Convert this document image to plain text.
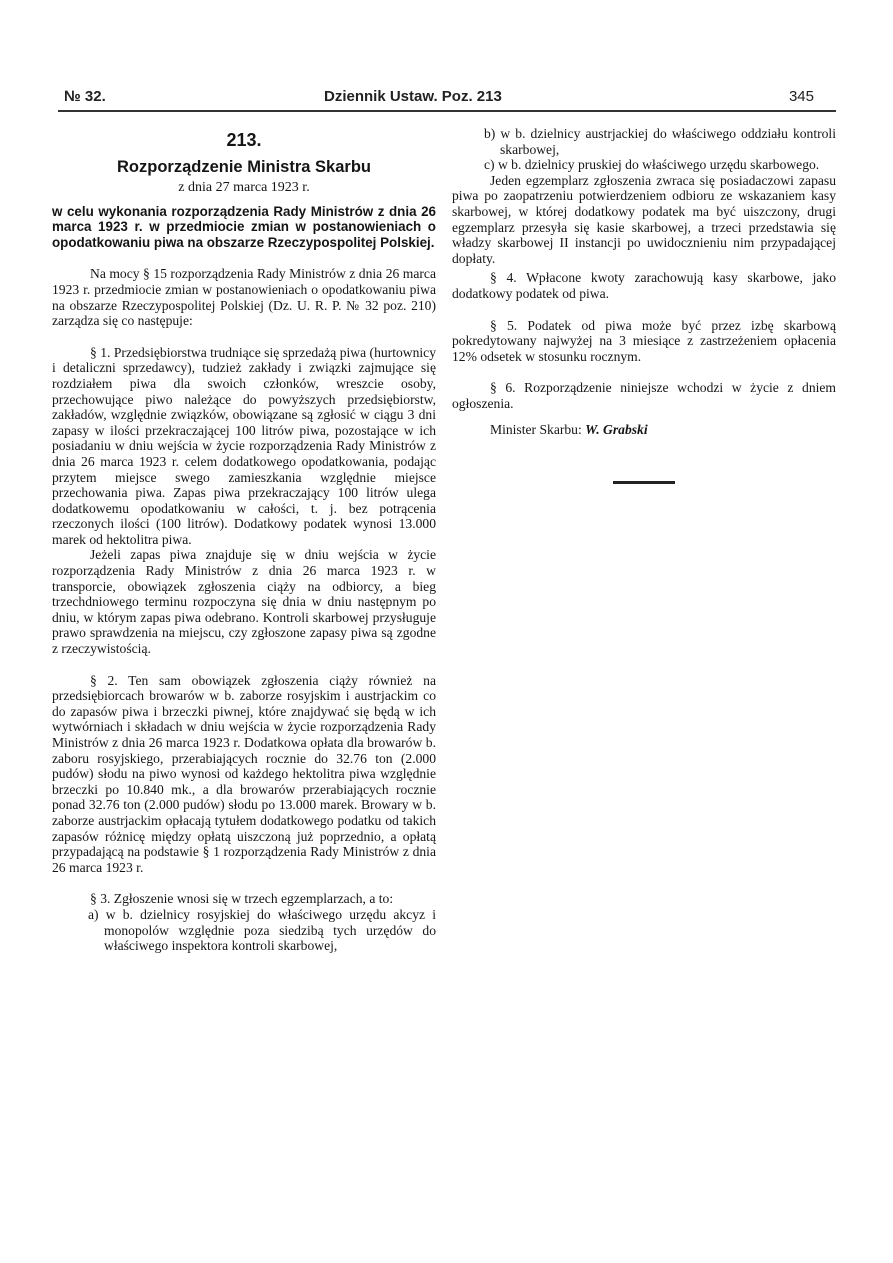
№ 32.	Dziennik Ustaw. Poz. 213	345
213.
Rozporządzenie Ministra Skarbu
z dnia 27 marca 1923 r.
w celu wykonania rozporządzenia Rady Ministrów z dnia 26 marca 1923 r. w przedmiocie zmian w postanowieniach o opodatkowaniu piwa na obszarze Rzeczypospolitej Polskiej.

Na mocy § 15 rozporządzenia Rady Ministrów z dnia 26 marca 1923 r. przedmiocie zmian w postanowieniach o opodatkowaniu piwa na obszarze Rzeczypospolitej Polskiej (Dz. U. R. P. № 32 poz. 210) zarządza się co następuje:

§ 1. Przedsiębiorstwa trudniące się sprzedażą piwa (hurtownicy i detaliczni sprzedawcy), tudzież zakłady i związki zajmujące się rozdziałem piwa dla swoich członków, wreszcie osoby, przechowujące piwo należące do powyższych przedsiębiorstw, zakładów, względnie związków, obowiązane są zgłosić w ciągu 3 dni zapasy w ilości przekraczającej 100 litrów piwa, pozostające w ich posiadaniu w dniu wejścia w życie rozporządzenia Rady Ministrów z dnia 26 marca 1923 r. celem dodatkowego opodatkowania, podając przytem miejsce swego zamieszkania względnie miejsce przechowania piwa. Zapas piwa przekraczający 100 litrów ulega dodatkowemu opodatkowaniu w całości, t. j. bez potrącenia rzeczonych ilości (100 litrów). Dodatkowy podatek wynosi 13.000 marek od hektolitra piwa.

Jeżeli zapas piwa znajduje się w dniu wejścia w życie rozporządzenia Rady Ministrów z dnia 26 marca 1923 r. w transporcie, obowiązek zgłoszenia ciąży na odbiorcy, a bieg trzechdniowego terminu rozpoczyna się dnia w dniu następnym po dniu, w którym zapas piwa odebrano. Kontroli skarbowej przysługuje prawo sprawdzenia na miejscu, czy zgłoszone zapasy piwa są zgodne z rzeczywistością.

§ 2. Ten sam obowiązek zgłoszenia ciąży również na przedsiębiorcach browarów w b. zaborze rosyjskim i austrjackim co do zapasów piwa i brzeczki piwnej, które znajdywać się będą w ich wytwórniach i składach w dniu wejścia w życie rozporządzenia Rady Ministrów z dnia 26 marca 1923 r. Dodatkowa opłata dla browarów b. zaboru rosyjskiego, przerabiających rocznie do 32.76 ton (2.000 pudów) słodu na piwo wynosi od każdego hektolitra piwa względnie brzeczki po 10.840 mk., a dla browarów przerabiających rocznie ponad 32.76 ton (2.000 pudów) słodu po 13.000 marek. Browary w b. zaborze austrjackim opłacają tytułem dodatkowego podatku od takich zapasów różnicę między opłatą uiszczoną już poprzednio, a opłatą przypadającą na podstawie § 1 rozporządzenia Rady Ministrów z dnia 26 marca 1923 r.

§ 3. Zgłoszenie wnosi się w trzech egzemplarzach, a to:

a) w b. dzielnicy rosyjskiej do właściwego urzędu akcyz i monopolów względnie poza siedzibą tych urzędów do właściwego inspektora kontroli skarbowej,
b) w b. dzielnicy austrjackiej do właściwego oddziału kontroli skarbowej,
c) w b. dzielnicy pruskiej do właściwego urzędu skarbowego.

Jeden egzemplarz zgłoszenia zwraca się posiadaczowi zapasu piwa po zaopatrzeniu potwierdzeniem odbioru ze wskazaniem kasy skarbowej, w której dodatkowy podatek ma być uiszczony, drugi egzemplarz przesyła się kasie skarbowej, a trzeci przedstawia się władzy skarbowej II instancji po uwidocznieniu nim przypadającej dopłaty.

§ 4. Wpłacone kwoty zarachowują kasy skarbowe, jako dodatkowy podatek od piwa.

§ 5. Podatek od piwa może być przez izbę skarbową pokredytowany najwyżej na 3 miesiące z zastrzeżeniem opłacenia 12% odsetek w stosunku rocznym.

§ 6. Rozporządzenie niniejsze wchodzi w życie z dniem ogłoszenia.

Minister Skarbu: W. Grabski
